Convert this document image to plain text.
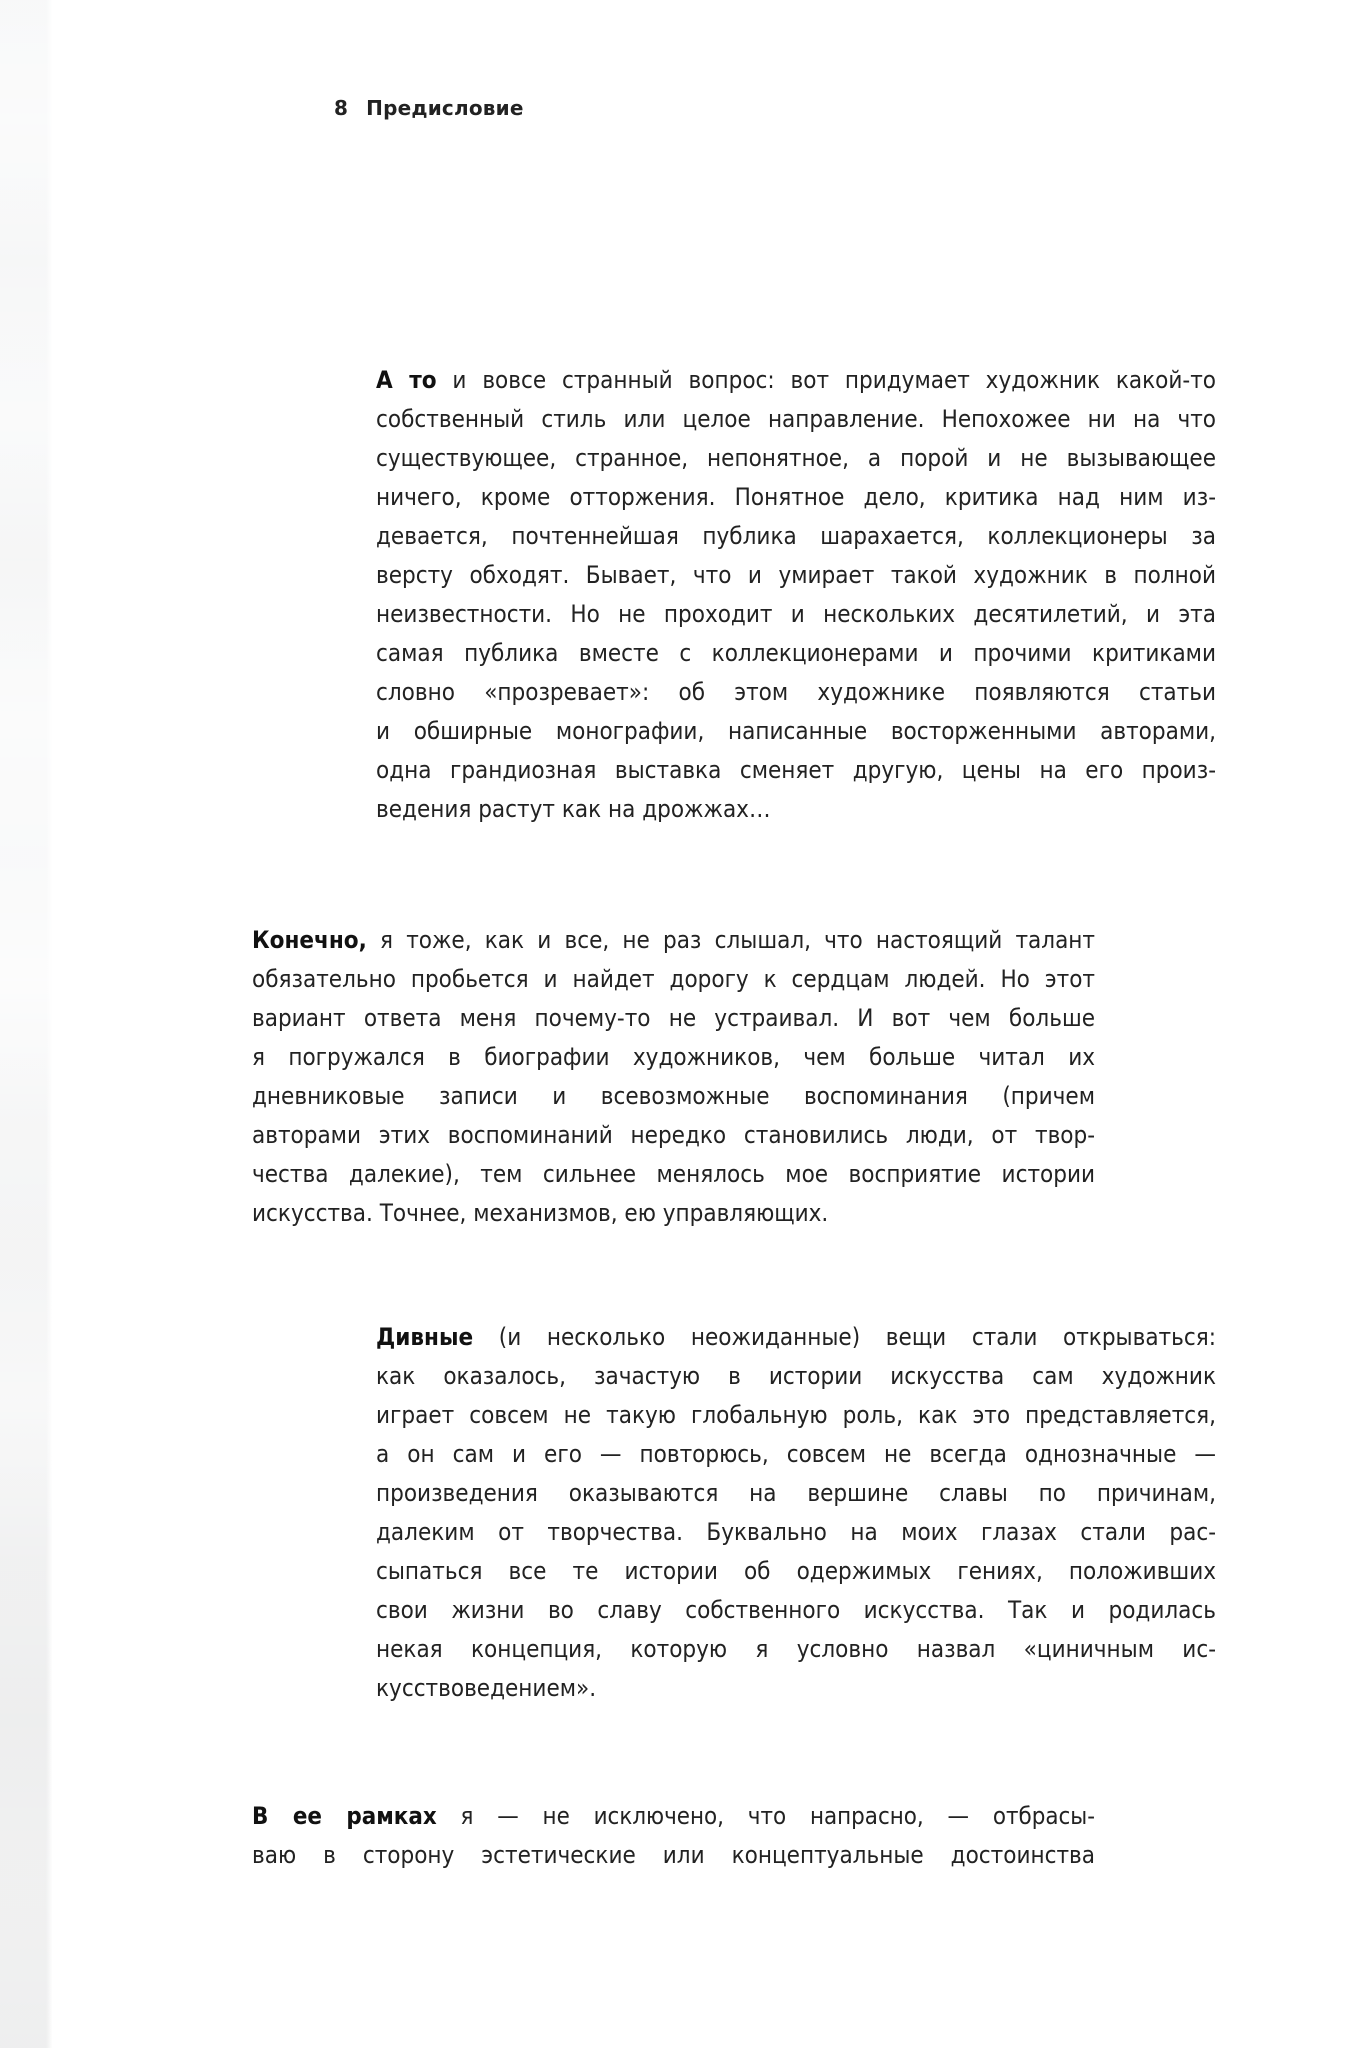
8 Предисловие
А то и вовсе странный вопрос: вот придумает художник какой-то
собственный стиль или целое направление. Непохожее ни на что
существующее, странное, непонятное, а порой и не вызывающее
ничего, кроме отторжения. Понятное дело, критика над ним из-
девается, почтеннейшая публика шарахается, коллекционеры за
версту обходят. Бывает, что и умирает такой художник в полной
неизвестности. Но не проходит и нескольких десятилетий, и эта
самая публика вместе с коллекционерами и прочими критиками
словно «прозревает»: об этом художнике появляются статьи
и обширные монографии, написанные восторженными авторами,
одна грандиозная выставка сменяет другую, цены на его произ-
ведения растут как на дрожжах…
Конечно, я тоже, как и все, не раз слышал, что настоящий талант
обязательно пробьется и найдет дорогу к сердцам людей. Но этот
вариант ответа меня почему-то не устраивал. И вот чем больше
я погружался в биографии художников, чем больше читал их
дневниковые записи и всевозможные воспоминания (причем
авторами этих воспоминаний нередко становились люди, от твор-
чества далекие), тем сильнее менялось мое восприятие истории
искусства. Точнее, механизмов, ею управляющих.
Дивные (и несколько неожиданные) вещи стали открываться:
как оказалось, зачастую в истории искусства сам художник
играет совсем не такую глобальную роль, как это представляется,
а он сам и его — повторюсь, совсем не всегда однозначные —
произведения оказываются на вершине славы по причинам,
далеким от творчества. Буквально на моих глазах стали рас-
сыпаться все те истории об одержимых гениях, положивших
свои жизни во славу собственного искусства. Так и родилась
некая концепция, которую я условно назвал «циничным ис-
кусствоведением».
В ее рамках я — не исключено, что напрасно, — отбрасы-
ваю в сторону эстетические или концептуальные достоинства
